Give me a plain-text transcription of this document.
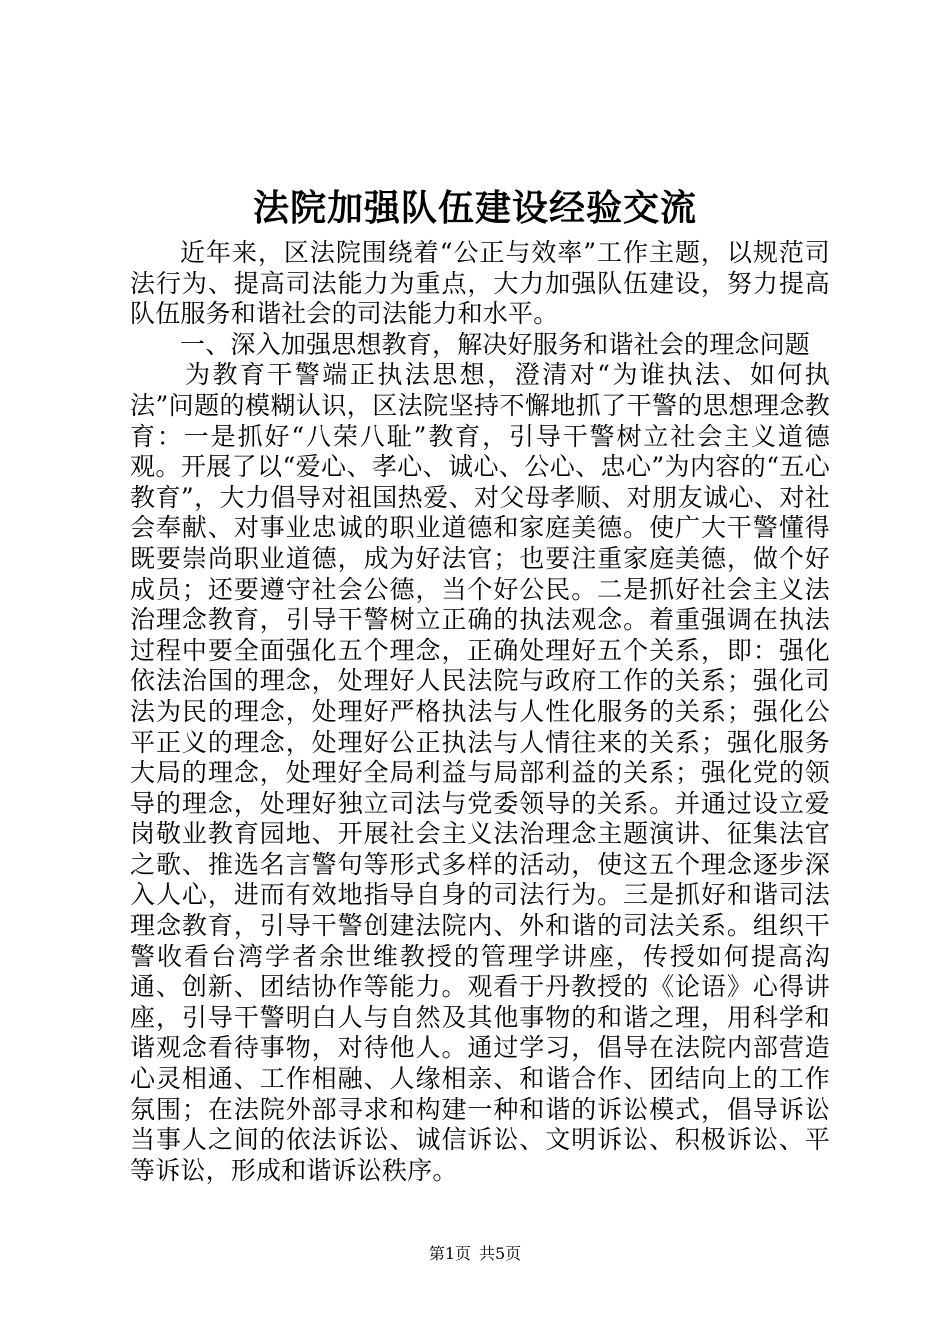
法院加强队伍建设经验交流

近年来，区法院围绕着“公正与效率”工作主题，以规范司法行为、提高司法能力为重点，大力加强队伍建设，努力提高队伍服务和谐社会的司法能力和水平。

一、深入加强思想教育，解决好服务和谐社会的理念问题

为教育干警端正执法思想，澄清对“为谁执法、如何执法”问题的模糊认识，区法院坚持不懈地抓了干警的思想理念教育：一是抓好“八荣八耻”教育，引导干警树立社会主义道德观。开展了以“爱心、孝心、诚心、公心、忠心”为内容的“五心教育”，大力倡导对祖国热爱、对父母孝顺、对朋友诚心、对社会奉献、对事业忠诚的职业道德和家庭美德。使广大干警懂得既要崇尚职业道德，成为好法官；也要注重家庭美德，做个好成员；还要遵守社会公德，当个好公民。二是抓好社会主义法治理念教育，引导干警树立正确的执法观念。着重强调在执法过程中要全面强化五个理念，正确处理好五个关系，即：强化依法治国的理念，处理好人民法院与政府工作的关系；强化司法为民的理念，处理好严格执法与人性化服务的关系；强化公平正义的理念，处理好公正执法与人情往来的关系；强化服务大局的理念，处理好全局利益与局部利益的关系；强化党的领导的理念，处理好独立司法与党委领导的关系。并通过设立爱岗敬业教育园地、开展社会主义法治理念主题演讲、征集法官之歌、推选名言警句等形式多样的活动，使这五个理念逐步深入人心，进而有效地指导自身的司法行为。三是抓好和谐司法理念教育，引导干警创建法院内、外和谐的司法关系。组织干警收看台湾学者余世维教授的管理学讲座，传授如何提高沟通、创新、团结协作等能力。观看于丹教授的《论语》心得讲座，引导干警明白人与自然及其他事物的和谐之理，用科学和谐观念看待事物，对待他人。通过学习，倡导在法院内部营造心灵相通、工作相融、人缘相亲、和谐合作、团结向上的工作氛围；在法院外部寻求和构建一种和谐的诉讼模式，倡导诉讼当事人之间的依法诉讼、诚信诉讼、文明诉讼、积极诉讼、平等诉讼，形成和谐诉讼秩序。

第1页 共5页
